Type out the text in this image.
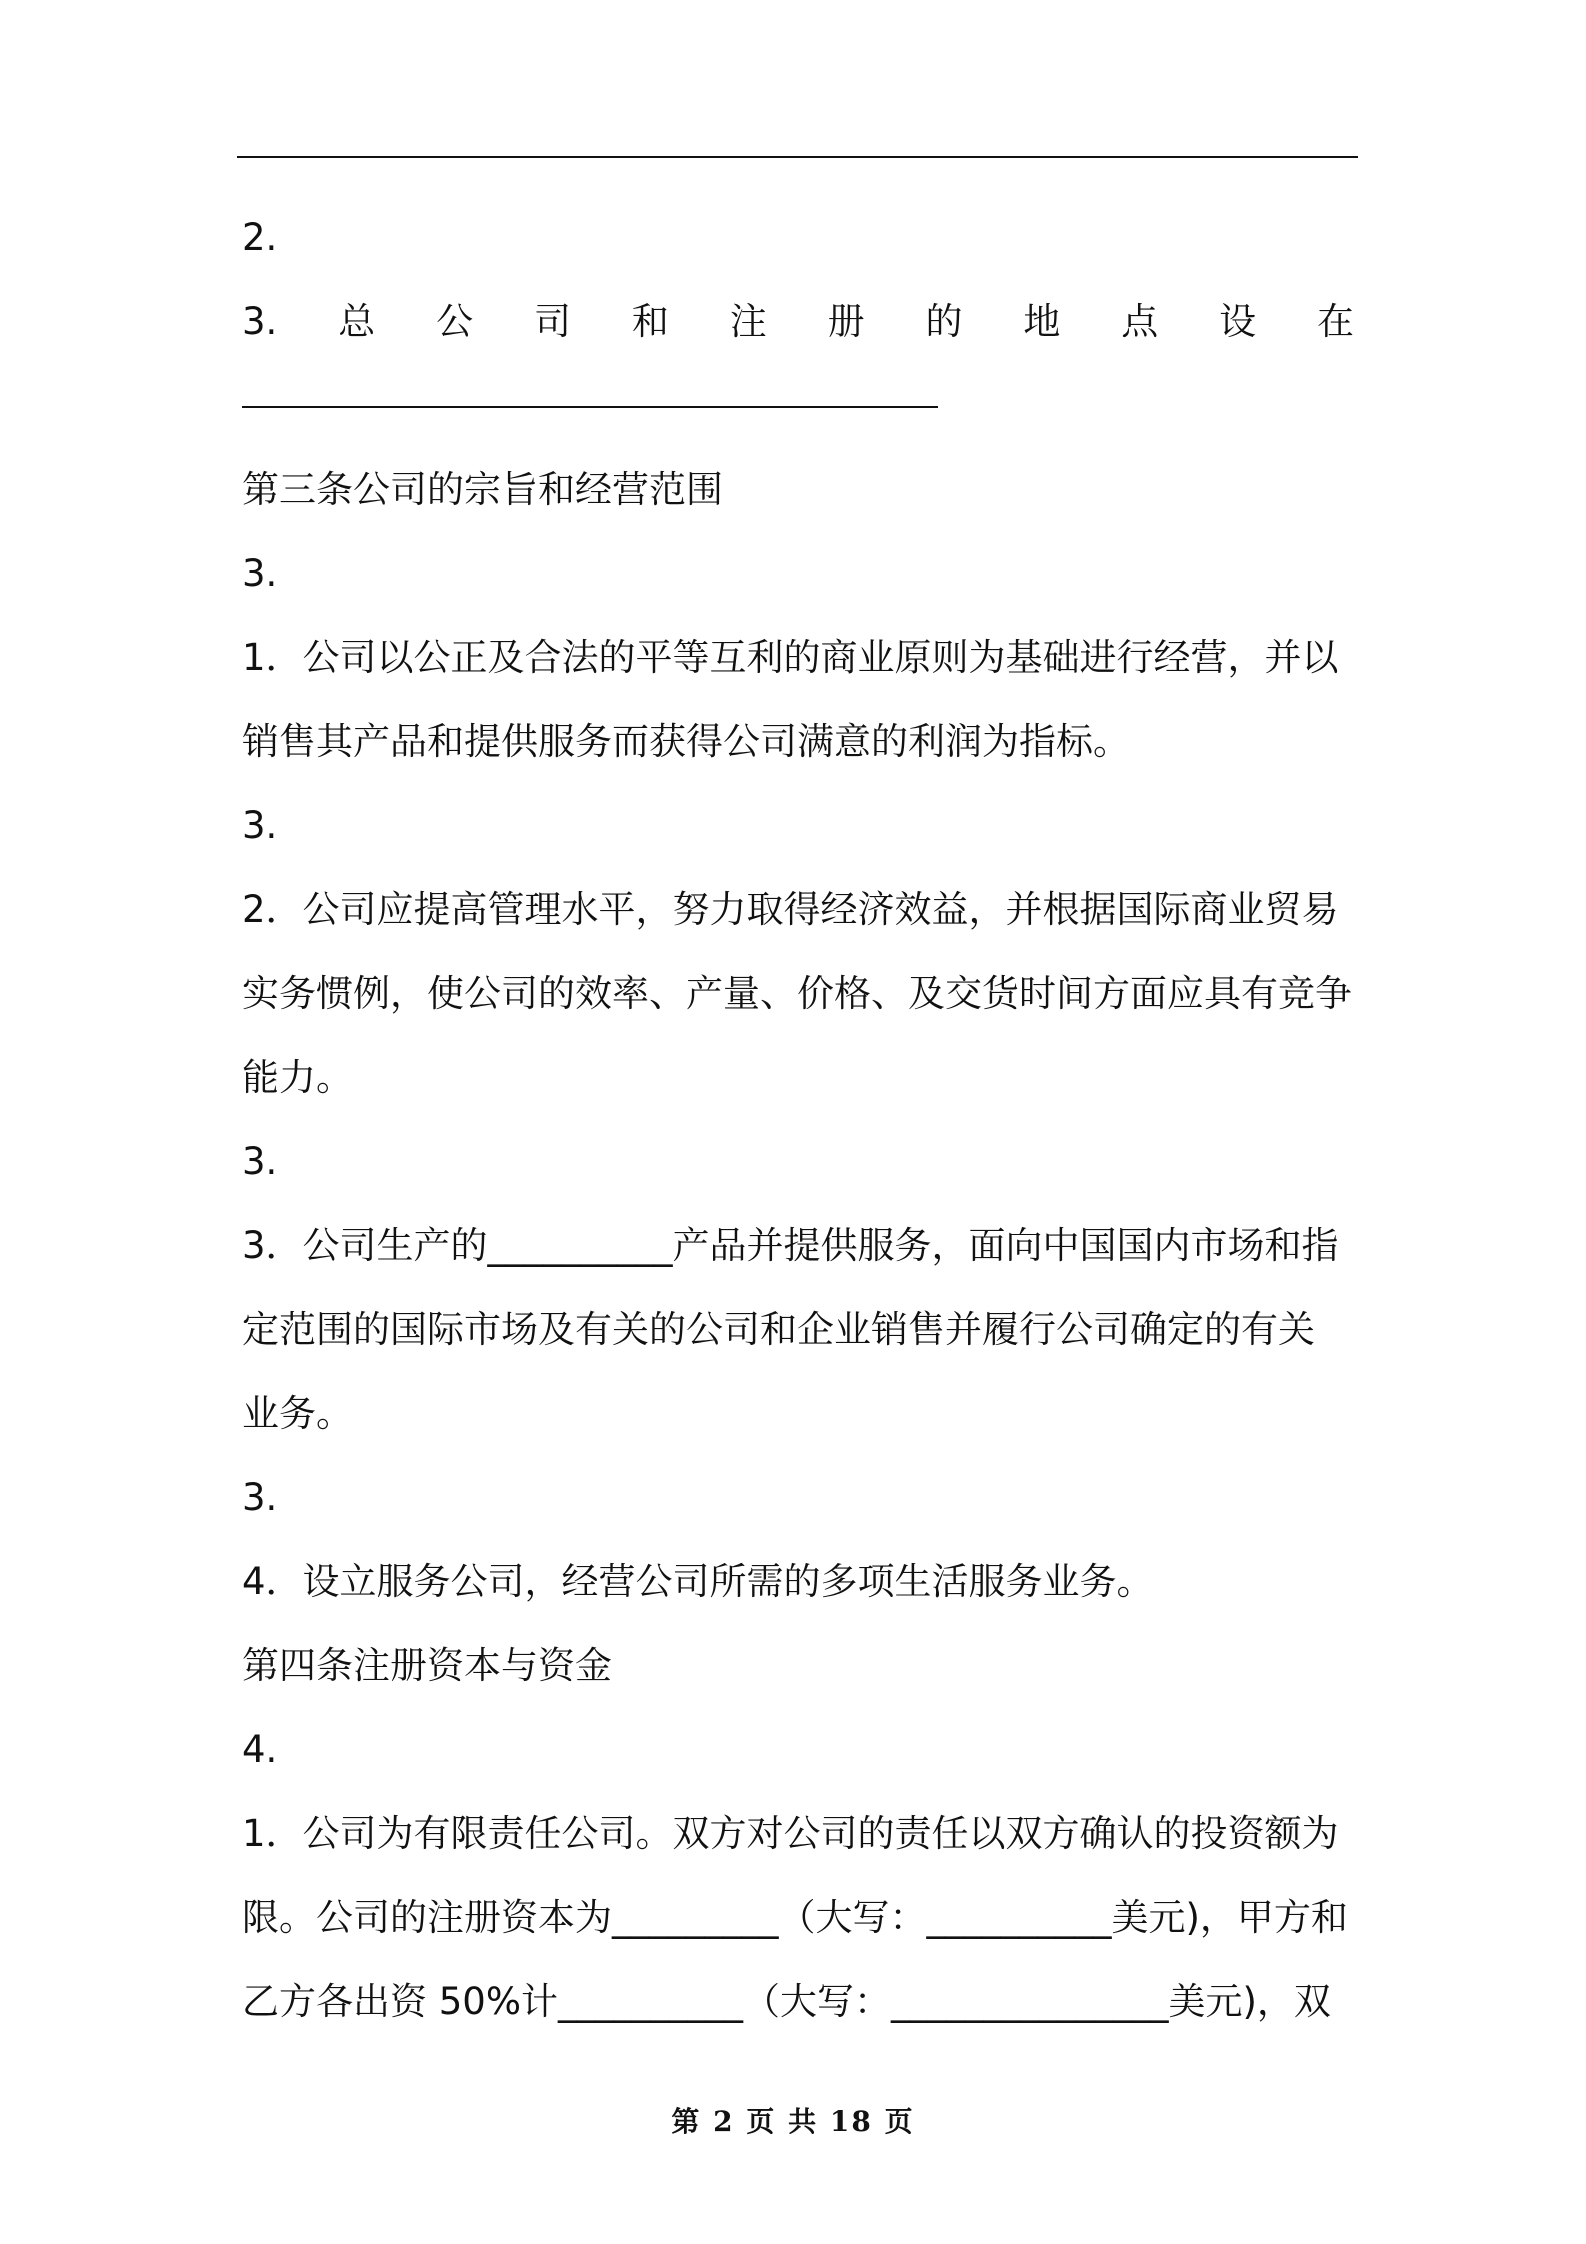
2.
3. 总 公 司 和 注 册 的 地 点 设 在
第三条公司的宗旨和经营范围
3.
1．公司以公正及合法的平等互利的商业原则为基础进行经营，并以
销售其产品和提供服务而获得公司满意的利润为指标。
3.
2．公司应提高管理水平，努力取得经济效益，并根据国际商业贸易
实务惯例，使公司的效率、产量、价格、及交货时间方面应具有竞争
能力。
3.
3．公司生产的__________产品并提供服务，面向中国国内市场和指
定范围的国际市场及有关的公司和企业销售并履行公司确定的有关
业务。
3.
4．设立服务公司，经营公司所需的多项生活服务业务。
第四条注册资本与资金
4.
1．公司为有限责任公司。双方对公司的责任以双方确认的投资额为
限。公司的注册资本为_________（大写：__________美元)，甲方和
乙方各出资 50%计__________（大写：_______________美元)，双
第 2 页 共 18 页
